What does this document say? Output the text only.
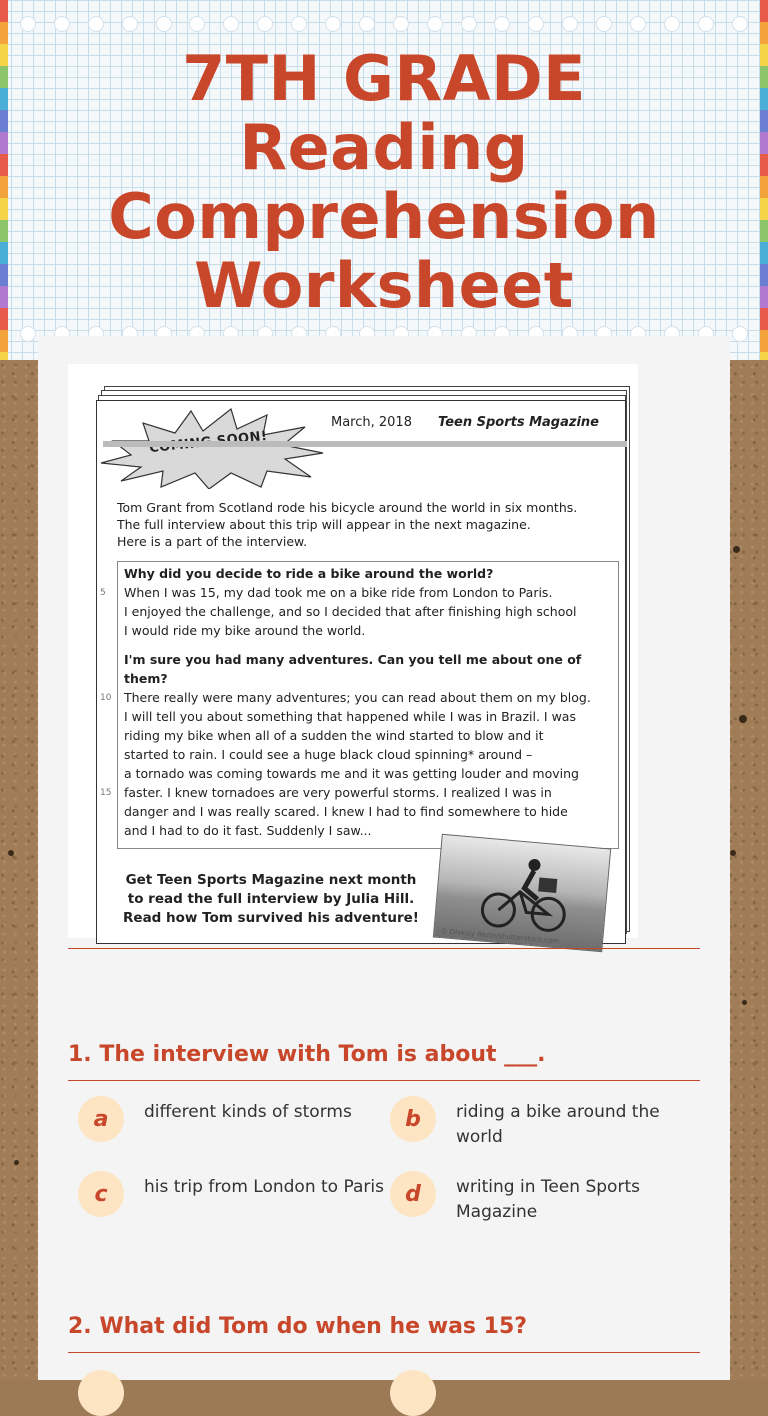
7TH GRADE
Reading
Comprehension
Worksheet
March, 2018 Teen Sports Magazine
Tom Grant from Scotland rode his bicycle around the world in six months.
The full interview about this trip will appear in the next magazine.
Here is a part of the interview.
Why did you decide to ride a bike around the world?
When I was 15, my dad took me on a bike ride from London to Paris.
5
I enjoyed the challenge, and so I decided that after finishing high school
I would ride my bike around the world.
I'm sure you had many adventures. Can you tell me about one of
them?
There really were many adventures; you can read about them on my blog.
10
I will tell you about something that happened while I was in Brazil. I was
riding my bike when all of a sudden the wind started to blow and it
started to rain. I could see a huge black cloud spinning* around –
a tornado was coming towards me and it was getting louder and moving
faster. I knew tornadoes are very powerful storms. I realized I was in
15
danger and I was really scared. I knew I had to find somewhere to hide
and I had to do it fast. Suddenly I saw...
Get Teen Sports Magazine next month
to read the full interview by Julia Hill.
Read how Tom survived his adventure!
© Oleksiy Rezin/shutterstock.com
1. The interview with Tom is about ___.
a	different kinds of storms	b	riding a bike around the world
c	his trip from London to Paris d	writing in Teen Sports Magazine
2. What did Tom do when he was 15?
